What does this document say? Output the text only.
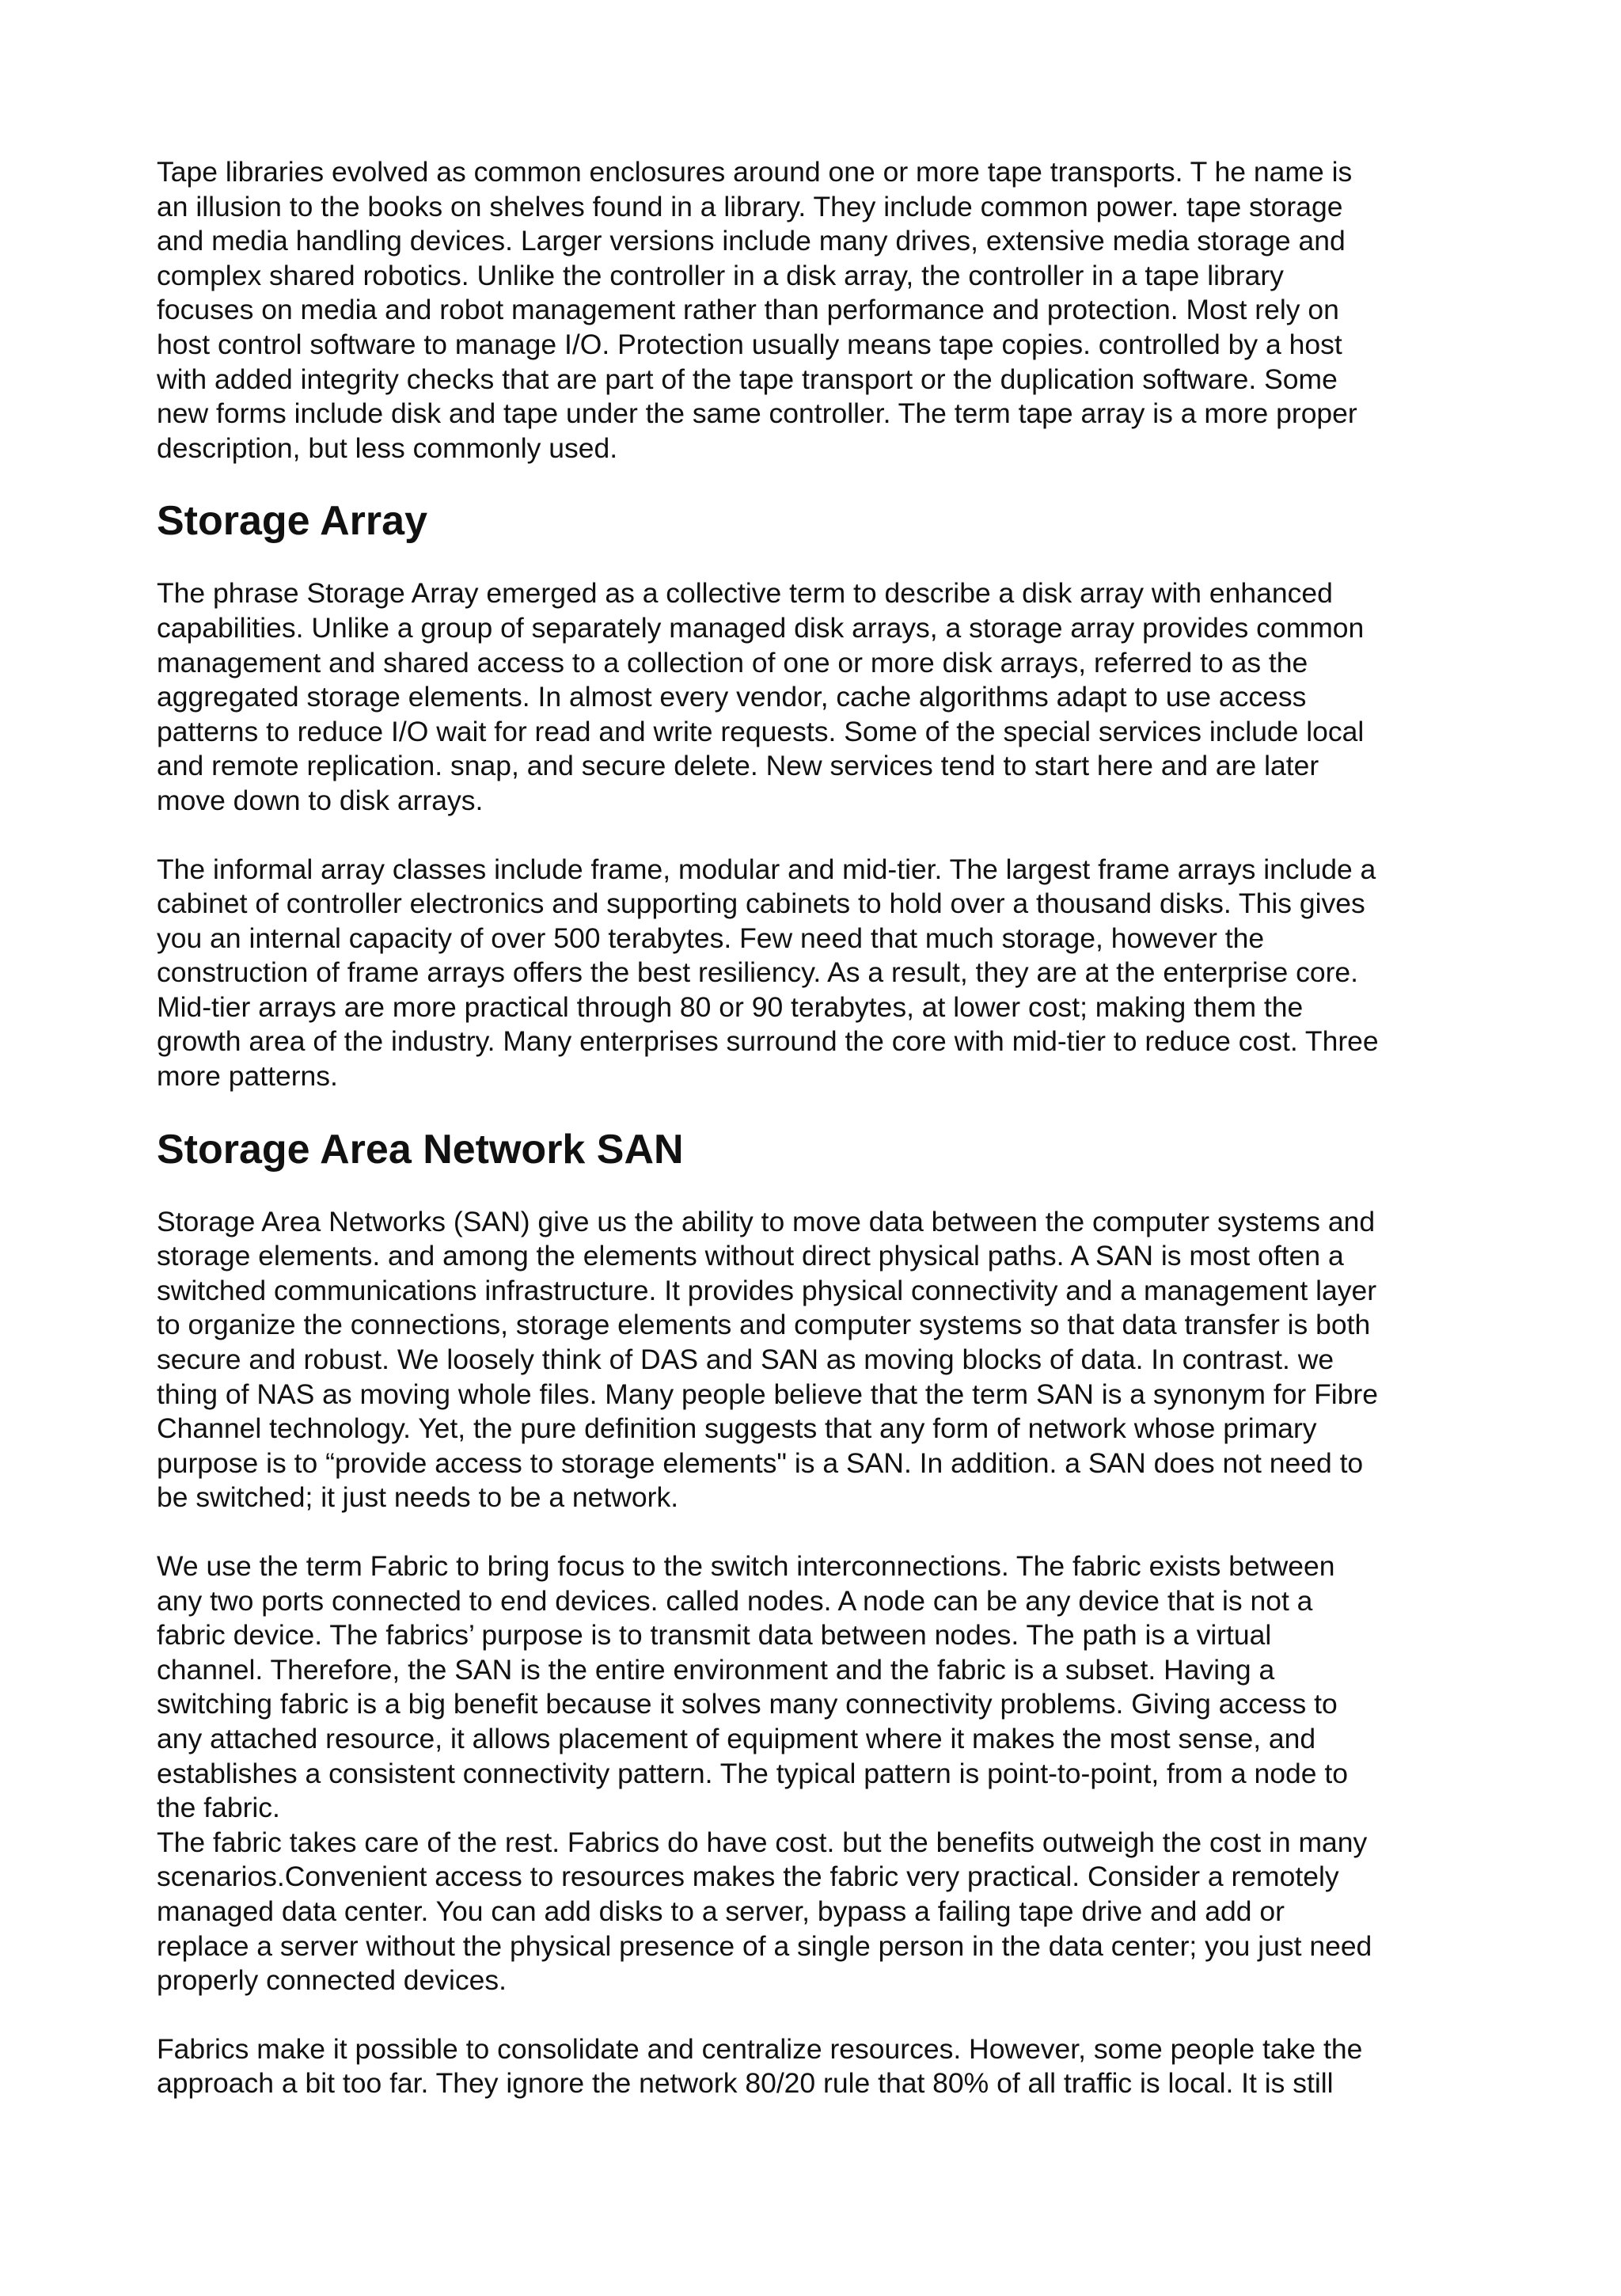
Tape libraries evolved as common enclosures around one or more tape transports. T he name is
an illusion to the books on shelves found in a library. They include common power. tape storage
and media handling devices. Larger versions include many drives, extensive media storage and
complex shared robotics. Unlike the controller in a disk array, the controller in a tape library
focuses on media and robot management rather than performance and protection. Most rely on
host control software to manage I/O. Protection usually means tape copies. controlled by a host
with added integrity checks that are part of the tape transport or the duplication software. Some
new forms include disk and tape under the same controller. The term tape array is a more proper
description, but less commonly used.

Storage Array

The phrase Storage Array emerged as a collective term to describe a disk array with enhanced
capabilities. Unlike a group of separately managed disk arrays, a storage array provides common
management and shared access to a collection of one or more disk arrays, referred to as the
aggregated storage elements. In almost every vendor, cache algorithms adapt to use access
patterns to reduce I/O wait for read and write requests. Some of the special services include local
and remote replication. snap, and secure delete. New services tend to start here and are later
move down to disk arrays.

The informal array classes include frame, modular and mid-tier. The largest frame arrays include a
cabinet of controller electronics and supporting cabinets to hold over a thousand disks. This gives
you an internal capacity of over 500 terabytes. Few need that much storage, however the
construction of frame arrays offers the best resiliency. As a result, they are at the enterprise core.
Mid-tier arrays are more practical through 80 or 90 terabytes, at lower cost; making them the
growth area of the industry. Many enterprises surround the core with mid-tier to reduce cost. Three
more patterns.

Storage Area Network SAN

Storage Area Networks (SAN) give us the ability to move data between the computer systems and
storage elements. and among the elements without direct physical paths. A SAN is most often a
switched communications infrastructure. It provides physical connectivity and a management layer
to organize the connections, storage elements and computer systems so that data transfer is both
secure and robust. We loosely think of DAS and SAN as moving blocks of data. In contrast. we
thing of NAS as moving whole files. Many people believe that the term SAN is a synonym for Fibre
Channel technology. Yet, the pure definition suggests that any form of network whose primary
purpose is to “provide access to storage elements" is a SAN. In addition. a SAN does not need to
be switched; it just needs to be a network.

We use the term Fabric to bring focus to the switch interconnections. The fabric exists between
any two ports connected to end devices. called nodes. A node can be any device that is not a
fabric device. The fabrics’ purpose is to transmit data between nodes. The path is a virtual
channel. Therefore, the SAN is the entire environment and the fabric is a subset. Having a
switching fabric is a big benefit because it solves many connectivity problems. Giving access to
any attached resource, it allows placement of equipment where it makes the most sense, and
establishes a consistent connectivity pattern. The typical pattern is point-to-point, from a node to
the fabric.

The fabric takes care of the rest. Fabrics do have cost. but the benefits outweigh the cost in many
scenarios.Convenient access to resources makes the fabric very practical. Consider a remotely
managed data center. You can add disks to a server, bypass a failing tape drive and add or
replace a server without the physical presence of a single person in the data center; you just need
properly connected devices.

Fabrics make it possible to consolidate and centralize resources. However, some people take the
approach a bit too far. They ignore the network 80/20 rule that 80% of all traffic is local. It is still
